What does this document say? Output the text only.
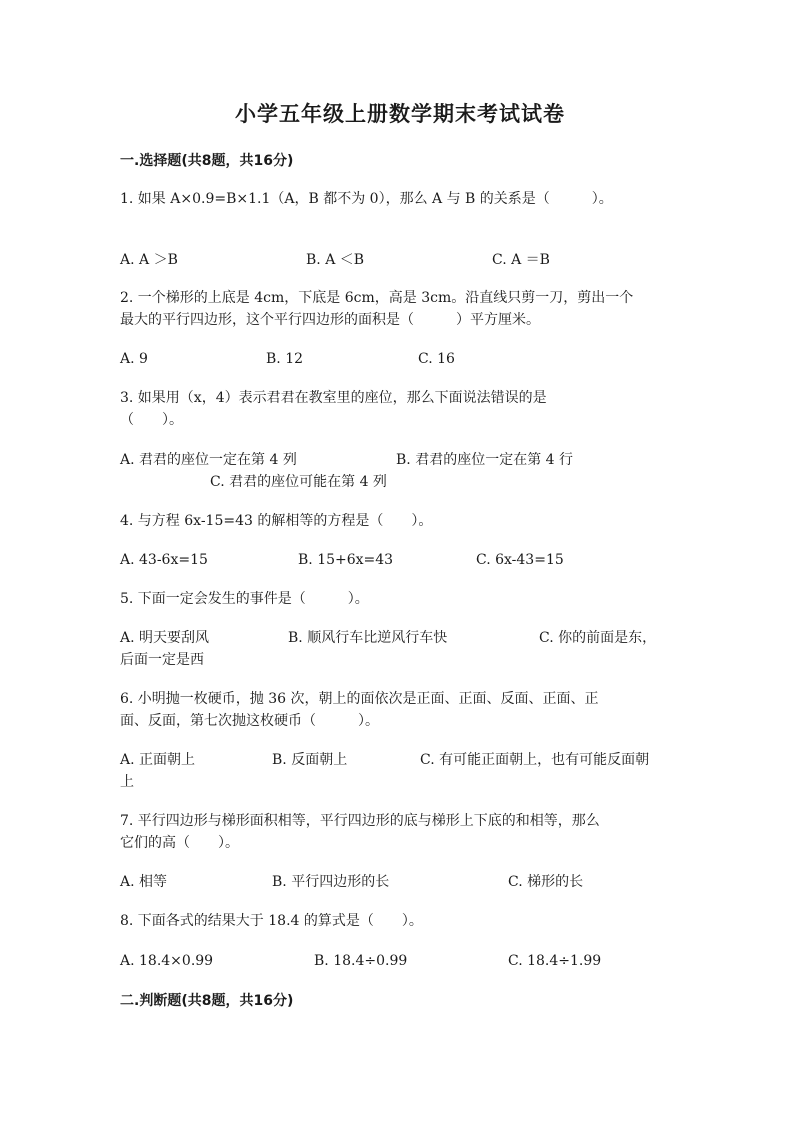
小学五年级上册数学期末考试试卷
一.选择题(共8题，共16分)
1. 如果 A×0.9=B×1.1（A，B 都不为 0），那么 A 与 B 的关系是（　　　）。
A. A ＞B	B. A ＜B	C. A ＝B
2. 一个梯形的上底是 4cm，下底是 6cm，高是 3cm。沿直线只剪一刀，剪出一个
最大的平行四边形，这个平行四边形的面积是（　　　）平方厘米。
A. 9	B. 12	C. 16
3. 如果用（x，4）表示君君在教室里的座位，那么下面说法错误的是
（　　）。
A. 君君的座位一定在第 4 列	B. 君君的座位一定在第 4 行
C. 君君的座位可能在第 4 列
4. 与方程 6x-15=43 的解相等的方程是（　　）。
A. 43-6x=15	B. 15+6x=43	C. 6x-43=15
5. 下面一定会发生的事件是（　　　）。
A. 明天要刮风	B. 顺风行车比逆风行车快	C. 你的前面是东，
后面一定是西
6. 小明抛一枚硬币，抛 36 次，朝上的面依次是正面、正面、反面、正面、正
面、反面，第七次抛这枚硬币（　　　）。
A. 正面朝上	B. 反面朝上	C. 有可能正面朝上，也有可能反面朝
上
7. 平行四边形与梯形面积相等，平行四边形的底与梯形上下底的和相等，那么
它们的高（　　）。
A. 相等	B. 平行四边形的长	C. 梯形的长
8. 下面各式的结果大于 18.4 的算式是（　　）。
A. 18.4×0.99	B. 18.4÷0.99	C. 18.4÷1.99
二.判断题(共8题，共16分)
